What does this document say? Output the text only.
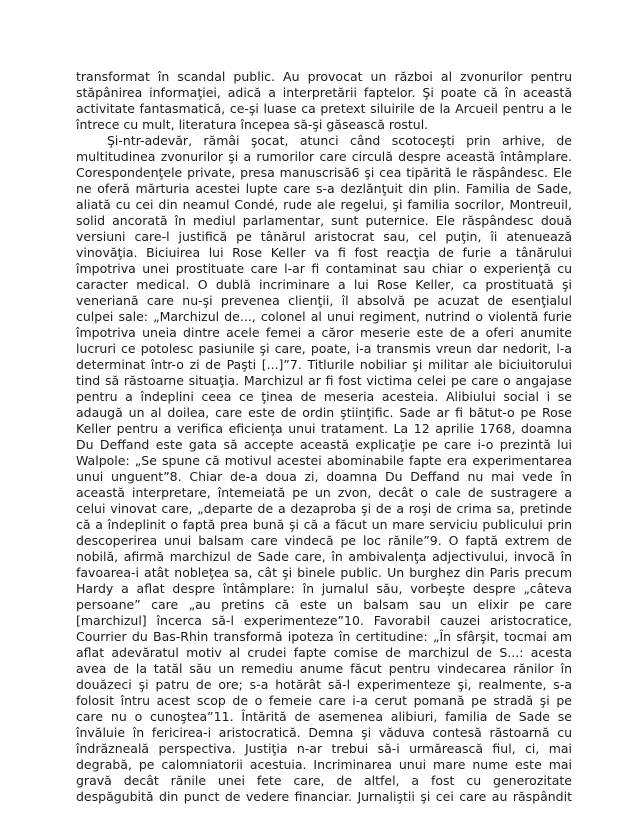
transformat în scandal public. Au provocat un război al zvonurilor pentru
stăpânirea informaţiei, adică a interpretării faptelor. Şi poate că în această
activitate fantasmatică, ce-şi luase ca pretext siluirile de la Arcueil pentru a le
întrece cu mult, literatura începea să-şi găsească rostul.

Şi-ntr-adevăr, rămâi şocat, atunci când scotoceşti prin arhive, de
multitudinea zvonurilor şi a rumorilor care circulă despre această întâmplare.
Corespondenţele private, presa manuscrisă6 şi cea tipărită le răspândesc. Ele
ne oferă mărturia acestei lupte care s-a dezlănţuit din plin. Familia de Sade,
aliată cu cei din neamul Condé, rude ale regelui, şi familia socrilor, Montreuil,
solid ancorată în mediul parlamentar, sunt puternice. Ele răspândesc două
versiuni care-l justifică pe tânărul aristocrat sau, cel puţin, îi atenuează
vinovăţia. Biciuirea lui Rose Keller va fi fost reacţia de furie a tânărului
împotriva unei prostituate care l-ar fi contaminat sau chiar o experienţă cu
caracter medical. O dublă incriminare a lui Rose Keller, ca prostituată şi
veneriană care nu-şi prevenea clienţii, îl absolvă pe acuzat de esenţialul
culpei sale: „Marchizul de..., colonel al unui regiment, nutrind o violentă furie
împotriva uneia dintre acele femei a căror meserie este de a oferi anumite
lucruri ce potolesc pasiunile şi care, poate, i-a transmis vreun dar nedorit, l-a
determinat într-o zi de Paşti [...]”7. Titlurile nobiliar şi militar ale biciuitorului
tind să răstoarne situaţia. Marchizul ar fi fost victima celei pe care o angajase
pentru a îndeplini ceea ce ţinea de meseria acesteia. Alibiului social i se
adaugă un al doilea, care este de ordin ştiinţific. Sade ar fi bătut-o pe Rose
Keller pentru a verifica eficienţa unui tratament. La 12 aprilie 1768, doamna
Du Deffand este gata să accepte această explicaţie pe care i-o prezintă lui
Walpole: „Se spune că motivul acestei abominabile fapte era experimentarea
unui unguent”8. Chiar de-a doua zi, doamna Du Deffand nu mai vede în
această interpretare, întemeiată pe un zvon, decât o cale de sustragere a
celui vinovat care, „departe de a dezaproba şi de a roşi de crima sa, pretinde
că a îndeplinit o faptă prea bună şi că a făcut un mare serviciu publicului prin
descoperirea unui balsam care vindecă pe loc rănile”9. O faptă extrem de
nobilă, afirmă marchizul de Sade care, în ambivalenţa adjectivului, invocă în
favoarea-i atât nobleţea sa, cât şi binele public. Un burghez din Paris precum
Hardy a aflat despre întâmplare: în jurnalul său, vorbeşte despre „câteva
persoane” care „au pretins că este un balsam sau un elixir pe care
[marchizul] încerca să-l experimenteze”10. Favorabil cauzei aristocratice,
Courrier du Bas-Rhin transformă ipoteza în certitudine: „În sfârşit, tocmai am
aflat adevăratul motiv al crudei fapte comise de marchizul de S...: acesta
avea de la tatăl său un remediu anume făcut pentru vindecarea rănilor în
douăzeci şi patru de ore; s-a hotărât să-l experimenteze şi, realmente, s-a
folosit întru acest scop de o femeie care i-a cerut pomană pe stradă şi pe
care nu o cunoştea”11. Întărită de asemenea alibiuri, familia de Sade se
învăluie în fericirea-i aristocratică. Demna şi văduva contesă răstoarnă cu
îndrăzneală perspectiva. Justiţia n-ar trebui să-i urmărească fiul, ci, mai
degrabă, pe calomniatorii acestuia. Incriminarea unui mare nume este mai
gravă decât rănile unei fete care, de altfel, a fost cu generozitate
despăgubită din punct de vedere financiar. Jurnaliştii şi cei care au răspândit
